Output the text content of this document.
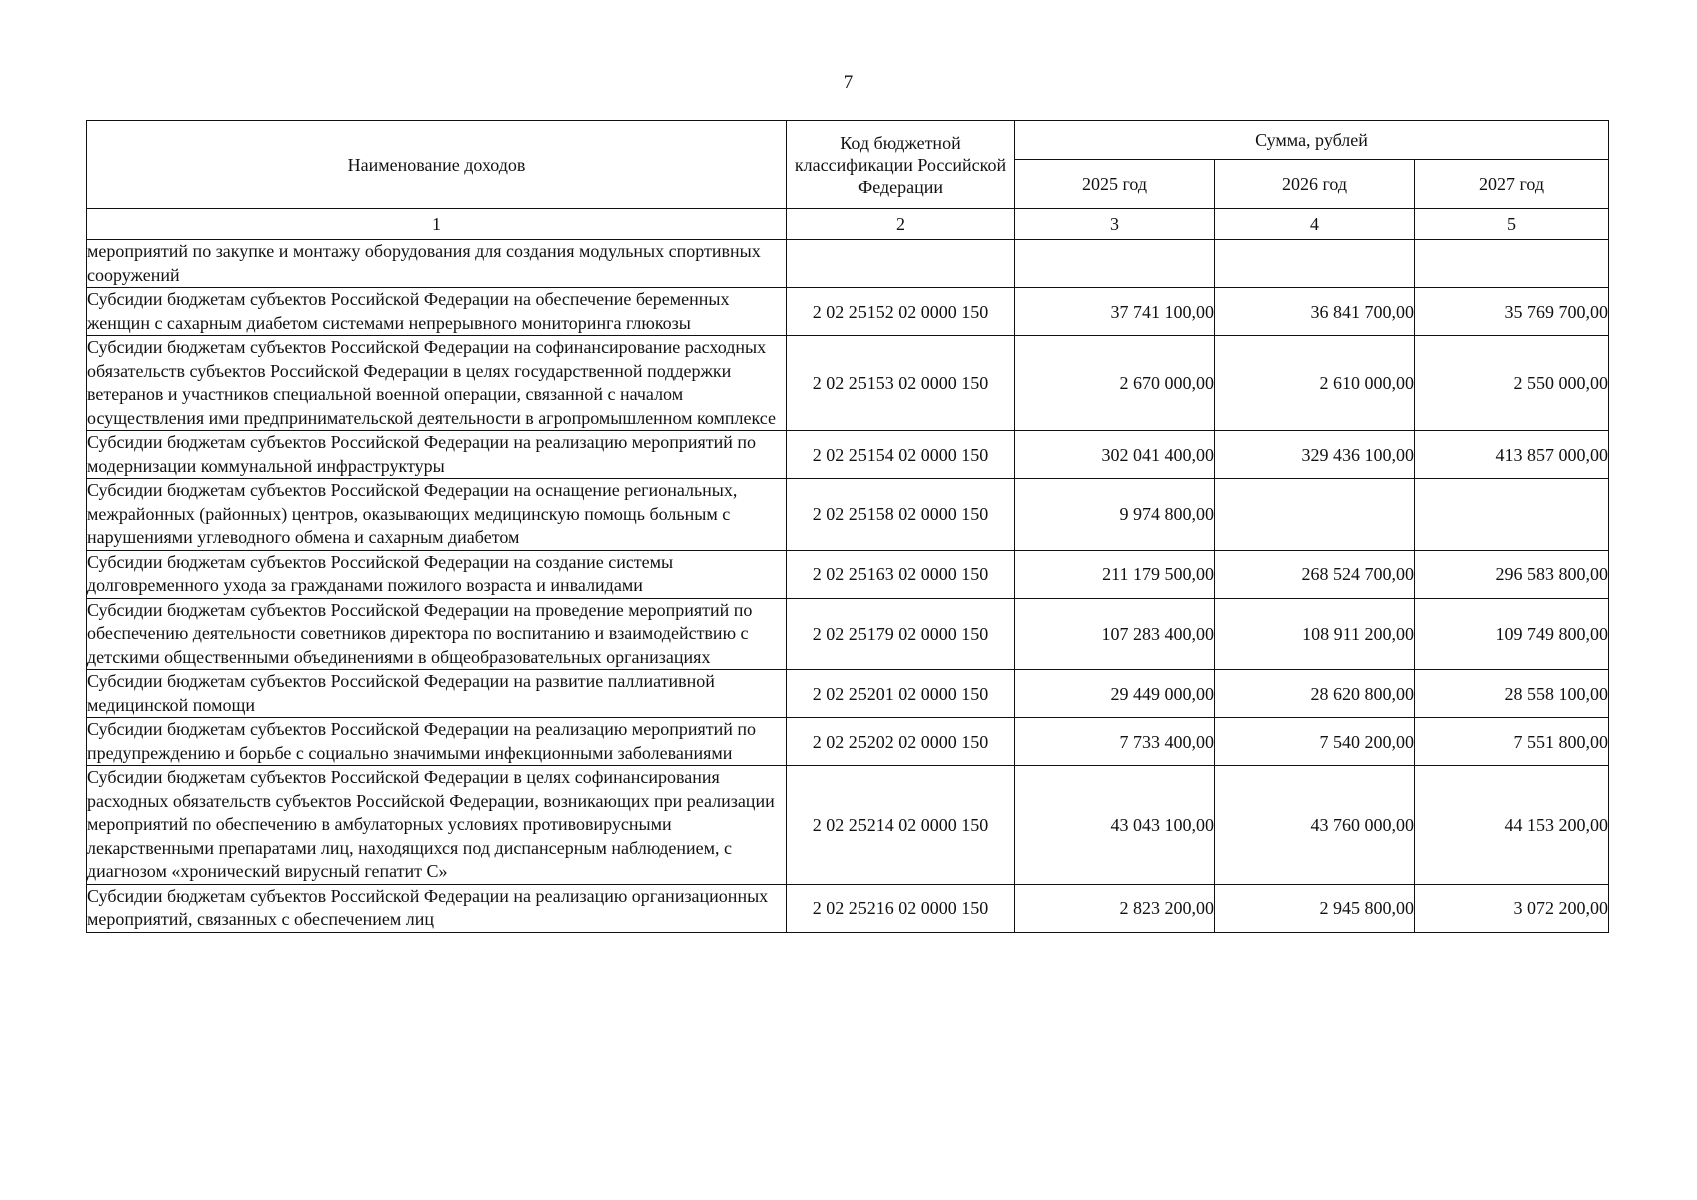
7
Наименование доходов	Код бюджетной классификации Российской Федерации	Сумма, рублей		
		2025 год	2026 год	2027 год
1	2	3	4	5
мероприятий по закупке и монтажу оборудования для создания модульных спортивных сооружений				
Субсидии бюджетам субъектов Российской Федерации на обеспечение беременных женщин с сахарным диабетом системами непрерывного мониторинга глюкозы	2 02 25152 02 0000 150	37 741 100,00	36 841 700,00	35 769 700,00
Субсидии бюджетам субъектов Российской Федерации на софинансирование расходных обязательств субъектов Российской Федерации в целях государственной поддержки ветеранов и участников специальной военной операции, связанной с началом осуществления ими предпринимательской деятельности в агропромышленном комплексе	2 02 25153 02 0000 150	2 670 000,00	2 610 000,00	2 550 000,00
Субсидии бюджетам субъектов Российской Федерации на реализацию мероприятий по модернизации коммунальной инфраструктуры	2 02 25154 02 0000 150	302 041 400,00	329 436 100,00	413 857 000,00
Субсидии бюджетам субъектов Российской Федерации на оснащение региональных, межрайонных (районных) центров, оказывающих медицинскую помощь больным с нарушениями углеводного обмена и сахарным диабетом	2 02 25158 02 0000 150	9 974 800,00		
Субсидии бюджетам субъектов Российской Федерации на создание системы долговременного ухода за гражданами пожилого возраста и инвалидами	2 02 25163 02 0000 150	211 179 500,00	268 524 700,00	296 583 800,00
Субсидии бюджетам субъектов Российской Федерации на проведение мероприятий по обеспечению деятельности советников директора по воспитанию и взаимодействию с детскими общественными объединениями в общеобразовательных организациях	2 02 25179 02 0000 150	107 283 400,00	108 911 200,00	109 749 800,00
Субсидии бюджетам субъектов Российской Федерации на развитие паллиативной медицинской помощи	2 02 25201 02 0000 150	29 449 000,00	28 620 800,00	28 558 100,00
Субсидии бюджетам субъектов Российской Федерации на реализацию мероприятий по предупреждению и борьбе с социально значимыми инфекционными заболеваниями	2 02 25202 02 0000 150	7 733 400,00	7 540 200,00	7 551 800,00
Субсидии бюджетам субъектов Российской Федерации в целях софинансирования расходных обязательств субъектов Российской Федерации, возникающих при реализации мероприятий по обеспечению в амбулаторных условиях противовирусными лекарственными препаратами лиц, находящихся под диспансерным наблюдением, с диагнозом «хронический вирусный гепатит С»	2 02 25214 02 0000 150	43 043 100,00	43 760 000,00	44 153 200,00
Субсидии бюджетам субъектов Российской Федерации на реализацию организационных мероприятий, связанных с обеспечением лиц	2 02 25216 02 0000 150	2 823 200,00	2 945 800,00	3 072 200,00
